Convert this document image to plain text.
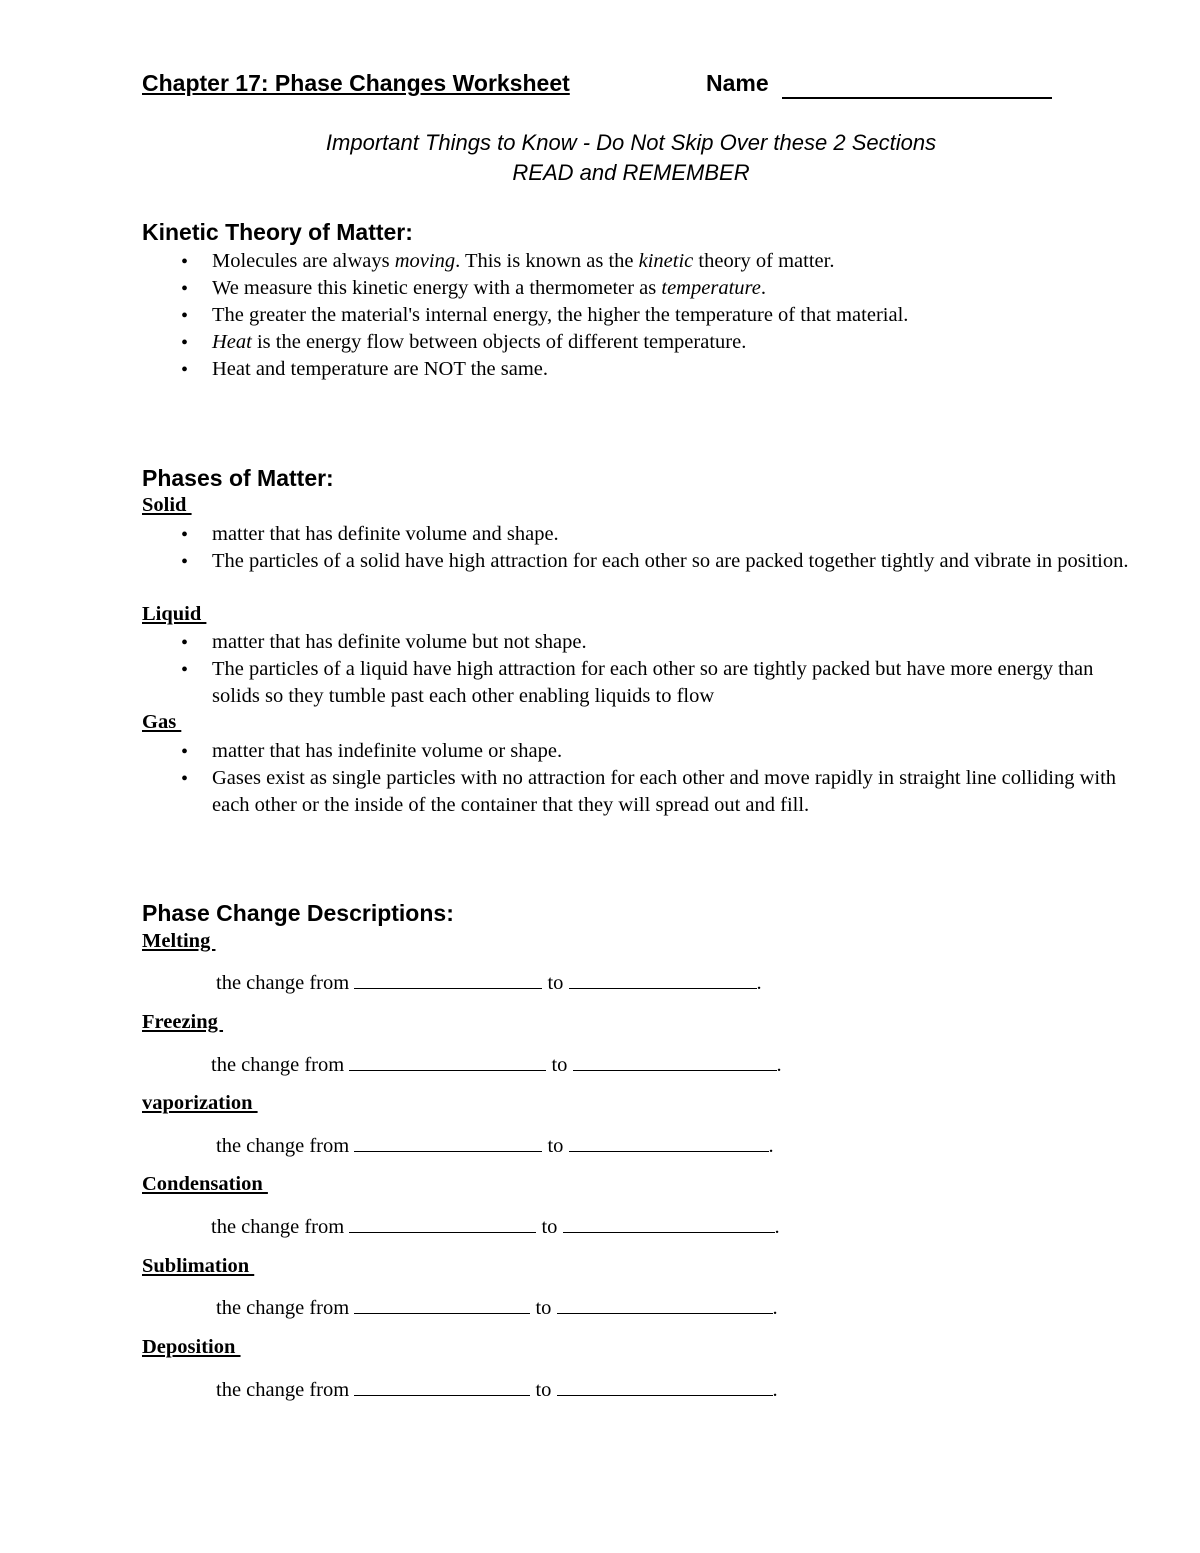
Chapter 17: Phase Changes Worksheet	Name
Important Things to Know - Do Not Skip Over these 2 Sections
READ and REMEMBER
Kinetic Theory of Matter:
• Molecules are always moving. This is known as the kinetic theory of matter.
• We measure this kinetic energy with a thermometer as temperature.
• The greater the material's internal energy, the higher the temperature of that material.
• Heat is the energy flow between objects of different temperature.
• Heat and temperature are NOT the same.
Phases of Matter:
Solid
• matter that has definite volume and shape.
• The particles of a solid have high attraction for each other so are packed together tightly and vibrate in position.
Liquid
• matter that has definite volume but not shape.
• The particles of a liquid have high attraction for each other so are tightly packed but have more energy than solids so they tumble past each other enabling liquids to flow
Gas
• matter that has indefinite volume or shape.
• Gases exist as single particles with no attraction for each other and move rapidly in straight line colliding with each other or the inside of the container that they will spread out and fill.
Phase Change Descriptions:
Melting
the change from	to	.
Freezing
the change from	to	.
vaporization
the change from	to	.
Condensation
the change from	to	.
Sublimation
the change from	to	.
Deposition
the change from	to	.
